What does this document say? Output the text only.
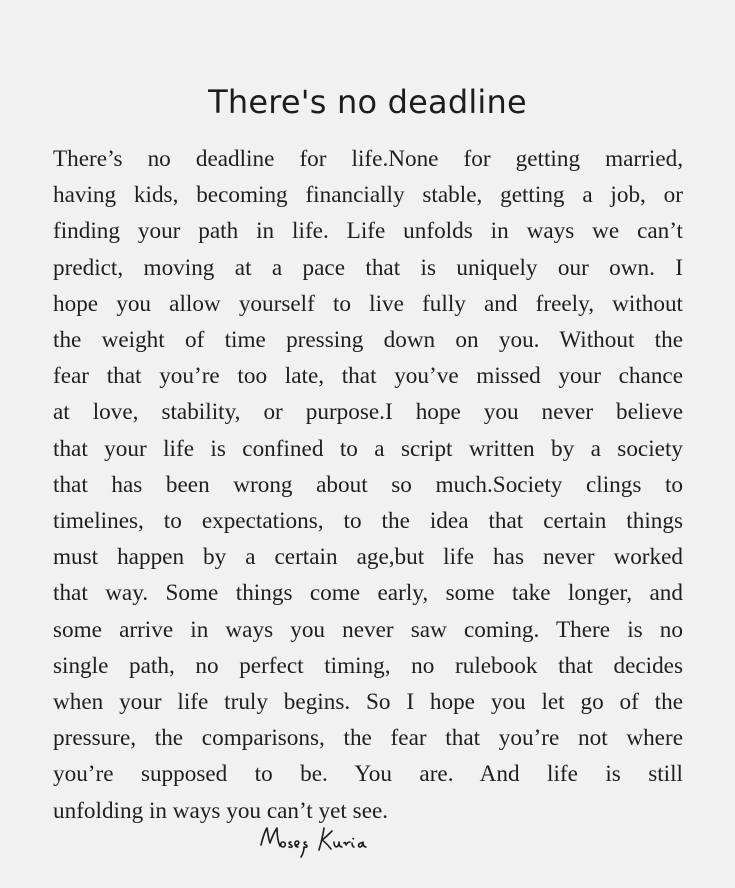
There's no deadline
There’s no deadline for life.None for getting married,
having kids, becoming financially stable, getting a job, or
finding your path in life. Life unfolds in ways we can’t
predict, moving at a pace that is uniquely our own. I
hope you allow yourself to live fully and freely, without
the weight of time pressing down on you. Without the
fear that you’re too late, that you’ve missed your chance
at love, stability, or purpose.I hope you never believe
that your life is confined to a script written by a society
that has been wrong about so much.Society clings to
timelines, to expectations, to the idea that certain things
must happen by a certain age,but life has never worked
that way. Some things come early, some take longer, and
some arrive in ways you never saw coming. There is no
single path, no perfect timing, no rulebook that decides
when your life truly begins. So I hope you let go of the
pressure, the comparisons, the fear that you’re not where
you’re supposed to be. You are. And life is still
unfolding in ways you can’t yet see.
